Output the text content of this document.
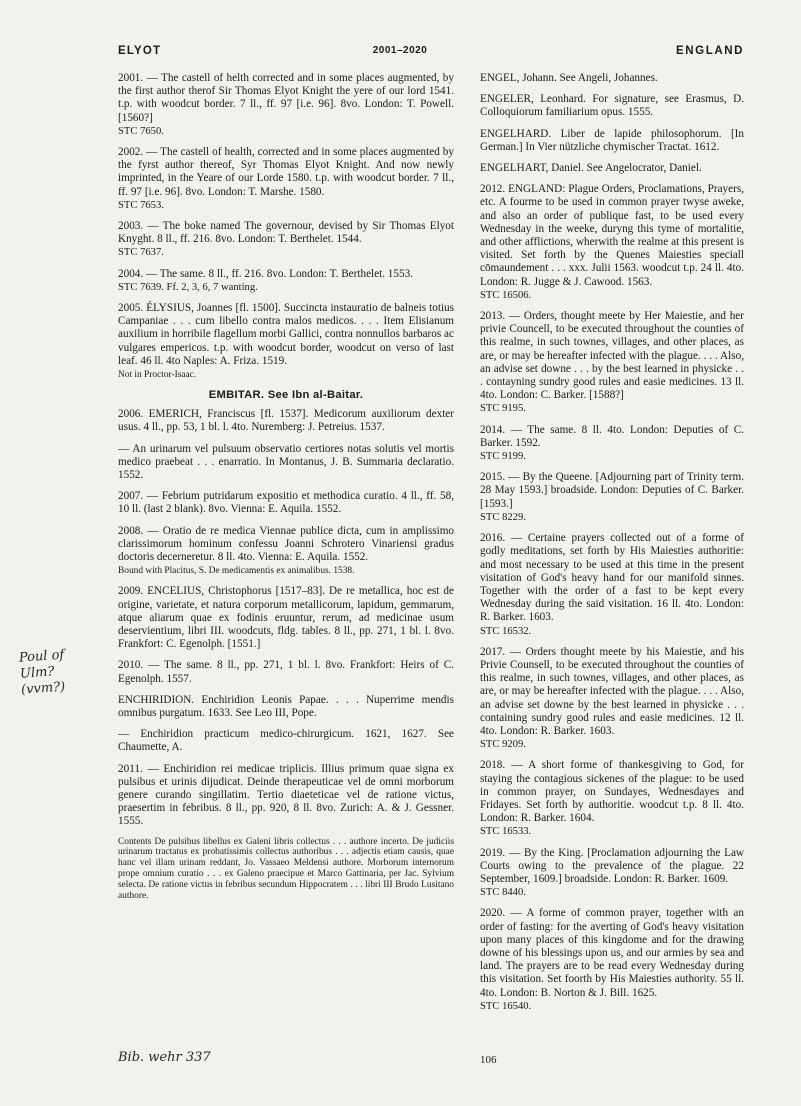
ELYOT	2001–2020	ENGLAND
2001. — The castell of helth corrected and in some places augmented, by the first author therof Sir Thomas Elyot Knight the yere of our lord 1541. t.p. with woodcut border. 7 ll., ff. 97 [i.e. 96]. 8vo. London: T. Powell. [1560?]
STC 7650.
2002. — The castell of health, corrected and in some places augmented by the fyrst author thereof, Syr Thomas Elyot Knight. And now newly imprinted, in the Yeare of our Lorde 1580. t.p. with woodcut border. 7 ll., ff. 97 [i.e. 96]. 8vo. London: T. Marshe. 1580.
STC 7653.
2003. — The boke named The governour, devised by Sir Thomas Elyot Knyght. 8 ll., ff. 216. 8vo. London: T. Berthelet. 1544.
STC 7637.
2004. — The same. 8 ll., ff. 216. 8vo. London: T. Berthelet. 1553.
STC 7639. Ff. 2, 3, 6, 7 wanting.
2005. ÉLYSIUS, Joannes [fl. 1500]. Succincta instauratio de balneis totius Campaniae . . . cum libello contra malos medicos. . . . Item Elisianum auxilium in horribile flagellum morbi Gallici, contra nonnullos barbaros ac vulgares empericos. t.p. with woodcut border, woodcut on verso of last leaf. 46 ll. 4to Naples: A. Friza. 1519.
Not in Proctor-Isaac.
EMBITAR. See Ibn al-Baitar.
2006. EMERICH, Franciscus [fl. 1537]. Medicorum auxiliorum dexter usus. 4 ll., pp. 53, 1 bl. l. 4to. Nuremberg: J. Petreius. 1537.
— An urinarum vel pulsuum observatio certiores notas solutis vel mortis medico praebeat . . . enarratio. In Montanus, J. B. Summaria declaratio. 1552.
2007. — Febrium putridarum expositio et methodica curatio. 4 ll., ff. 58, 10 ll. (last 2 blank). 8vo. Vienna: E. Aquila. 1552.
2008. — Oratio de re medica Viennae publice dicta, cum in amplissimo clarissimorum hominum confessu Joanni Schrotero Vinariensi gradus doctoris decerneretur. 8 ll. 4to. Vienna: E. Aquila. 1552.
Bound with Placitus, S. De medicamentis ex animalibus. 1538.
2009. ENCELIUS, Christophorus [1517–83]. De re metallica, hoc est de origine, varietate, et natura corporum metallicorum, lapidum, gemmarum, atque aliarum quae ex fodinis eruuntur, rerum, ad medicinae usum deservientium, libri III. woodcuts, fldg. tables. 8 ll., pp. 271, 1 bl. l. 8vo. Frankfort: C. Egenolph. [1551.]
2010. — The same. 8 ll., pp. 271, 1 bl. l. 8vo. Frankfort: Heirs of C. Egenolph. 1557.
ENCHIRIDION. Enchiridion Leonis Papae. . . . Nuperrime mendis omnibus purgatum. 1633. See Leo III, Pope.
— Enchiridion practicum medico-chirurgicum. 1621, 1627. See Chaumette, A.
2011. — Enchiridion rei medicae triplicis. Illius primum quae signa ex pulsibus et urinis dijudicat. Deinde therapeuticae vel de omni morborum genere curando singillatim. Tertio diaeteticae vel de ratione victus, praesertim in febribus. 8 ll., pp. 920, 8 ll. 8vo. Zurich: A. & J. Gessner. 1555.
Contents De pulsibus libellus ex Galeni libris collectus . . . authore incerto. De judiciis urinarum tractatus ex probatissimis collectus authoribus . . . adjectis etiam causis, quae hanc vel illam urinam reddant, Jo. Vassaeo Meldensi authore. Morborum internorum prope omnium curatio . . . ex Galeno praecipue et Marco Gattinaria, per Jac. Sylvium selecta. De ratione victus in febribus secundum Hippocratem . . . libri III Brudo Lusitano authore.
ENGEL, Johann. See Angeli, Johannes.
ENGELER, Leonhard. For signature, see Erasmus, D. Colloquiorum familiarium opus. 1555.
ENGELHARD. Liber de lapide philosophorum. [In German.] In Vier nützliche chymischer Tractat. 1612.
ENGELHART, Daniel. See Angelocrator, Daniel.
2012. ENGLAND: Plague Orders, Proclamations, Prayers, etc. A fourme to be used in common prayer twyse aweke, and also an order of publique fast, to be used every Wednesday in the weeke, duryng this tyme of mortalitie, and other afflictions, wherwith the realme at this present is visited. Set forth by the Quenes Maiesties speciall cōmaundement . . . xxx. Julii 1563. woodcut t.p. 24 ll. 4to. London: R. Jugge & J. Cawood. 1563.
STC 16506.
2013. — Orders, thought meete by Her Maiestie, and her privie Councell, to be executed throughout the counties of this realme, in such townes, villages, and other places, as are, or may be hereafter infected with the plague. . . . Also, an advise set downe . . . by the best learned in physicke . . . contayning sundry good rules and easie medicines. 13 ll. 4to. London: C. Barker. [1588?]
STC 9195.
2014. — The same. 8 ll. 4to. London: Deputies of C. Barker. 1592.
STC 9199.
2015. — By the Queene. [Adjourning part of Trinity term. 28 May 1593.] broadside. London: Deputies of C. Barker. [1593.]
STC 8229.
2016. — Certaine prayers collected out of a forme of godly meditations, set forth by His Maiesties authoritie: and most necessary to be used at this time in the present visitation of God's heavy hand for our manifold sinnes. Together with the order of a fast to be kept every Wednesday during the said visitation. 16 ll. 4to. London: R. Barker. 1603.
STC 16532.
2017. — Orders thought meete by his Maiestie, and his Privie Counsell, to be executed throughout the counties of this realme, in such townes, villages, and other places, as are, or may be hereafter infected with the plague. . . . Also, an advise set downe by the best learned in physicke . . . containing sundry good rules and easie medicines. 12 ll. 4to. London: R. Barker. 1603.
STC 9209.
2018. — A short forme of thankesgiving to God, for staying the contagious sickenes of the plague: to be used in common prayer, on Sundayes, Wednesdayes and Fridayes. Set forth by authoritie. woodcut t.p. 8 ll. 4to. London: R. Barker. 1604.
STC 16533.
2019. — By the King. [Proclamation adjourning the Law Courts owing to the prevalence of the plague. 22 September, 1609.] broadside. London: R. Barker. 1609.
STC 8440.
2020. — A forme of common prayer, together with an order of fasting: for the averting of God's heavy visitation upon many places of this kingdome and for the drawing downe of his blessings upon us, and our armies by sea and land. The prayers are to be read every Wednesday during this visitation. Set foorth by His Maiesties authority. 55 ll. 4to. London: B. Norton & J. Bill. 1625.
STC 16540.
Poul of Ulm? (vvm?)
Bib. wehr 337	106
